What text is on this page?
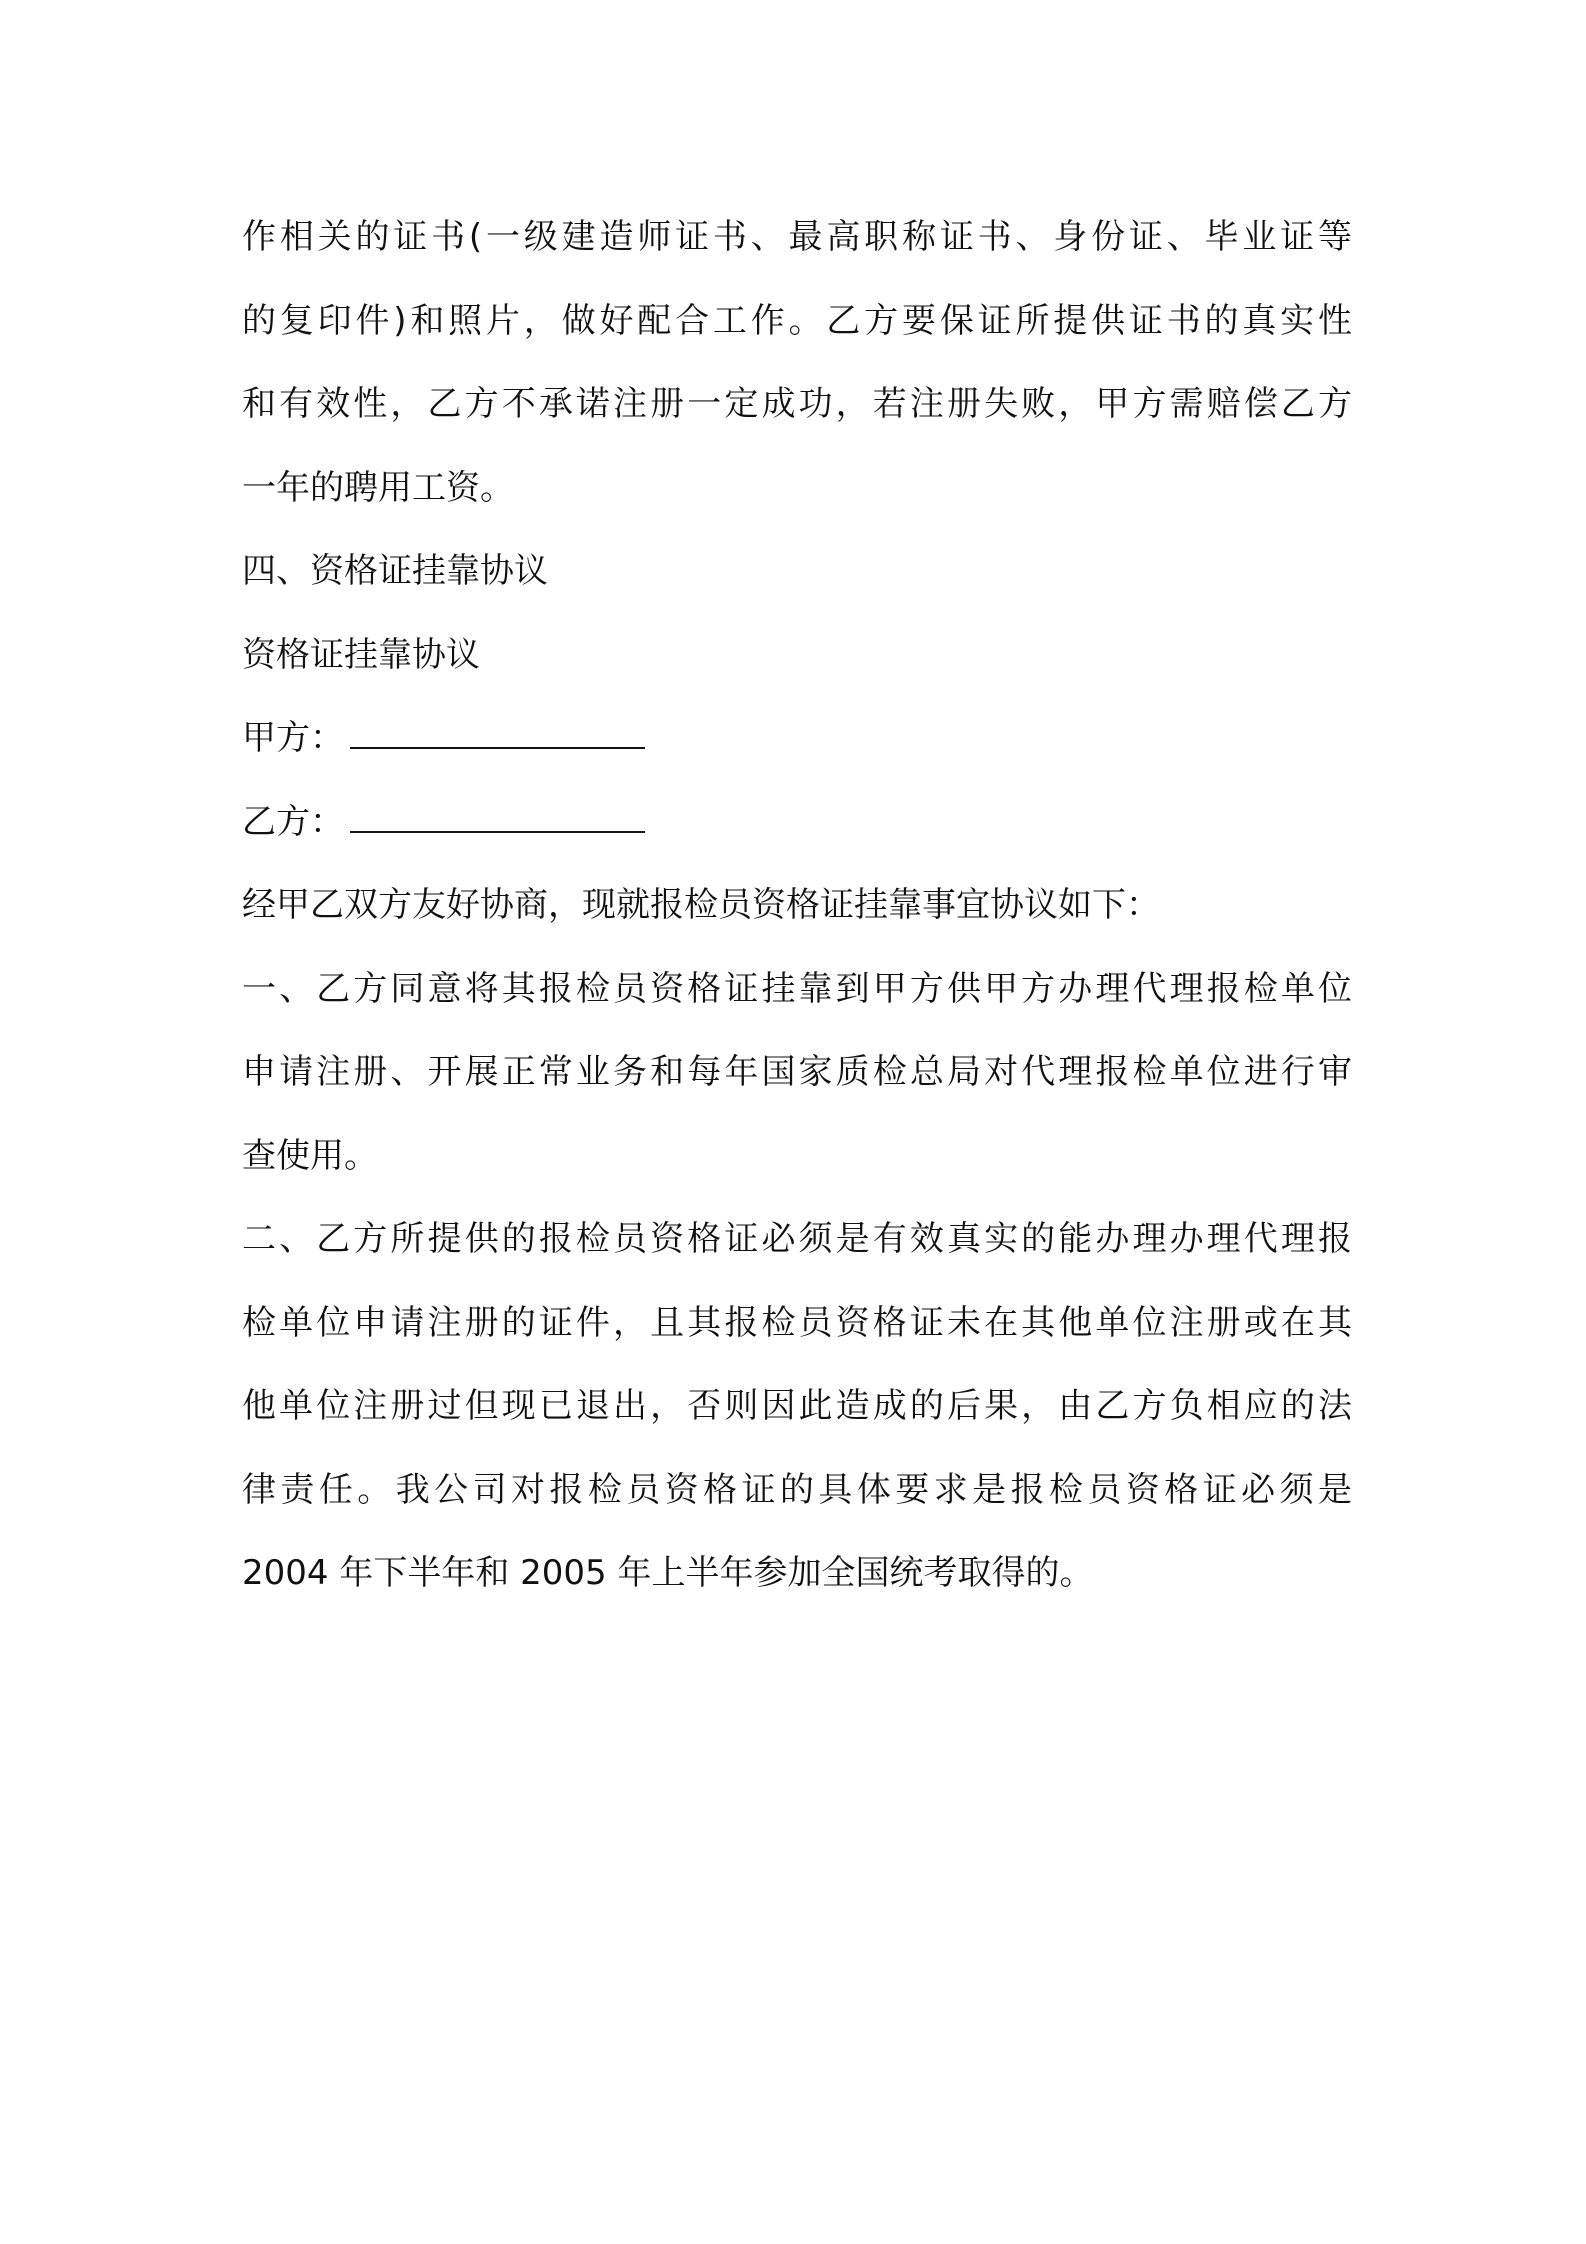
作相关的证书(一级建造师证书、最高职称证书、身份证、毕业证等
的复印件)和照片，做好配合工作。乙方要保证所提供证书的真实性
和有效性，乙方不承诺注册一定成功，若注册失败，甲方需赔偿乙方
一年的聘用工资。
四、资格证挂靠协议
资格证挂靠协议
甲方：
乙方：
经甲乙双方友好协商，现就报检员资格证挂靠事宜协议如下：
一、乙方同意将其报检员资格证挂靠到甲方供甲方办理代理报检单位
申请注册、开展正常业务和每年国家质检总局对代理报检单位进行审
查使用。
二、乙方所提供的报检员资格证必须是有效真实的能办理办理代理报
检单位申请注册的证件，且其报检员资格证未在其他单位注册或在其
他单位注册过但现已退出，否则因此造成的后果，由乙方负相应的法
律责任。我公司对报检员资格证的具体要求是报检员资格证必须是
2004 年下半年和 2005 年上半年参加全国统考取得的。
